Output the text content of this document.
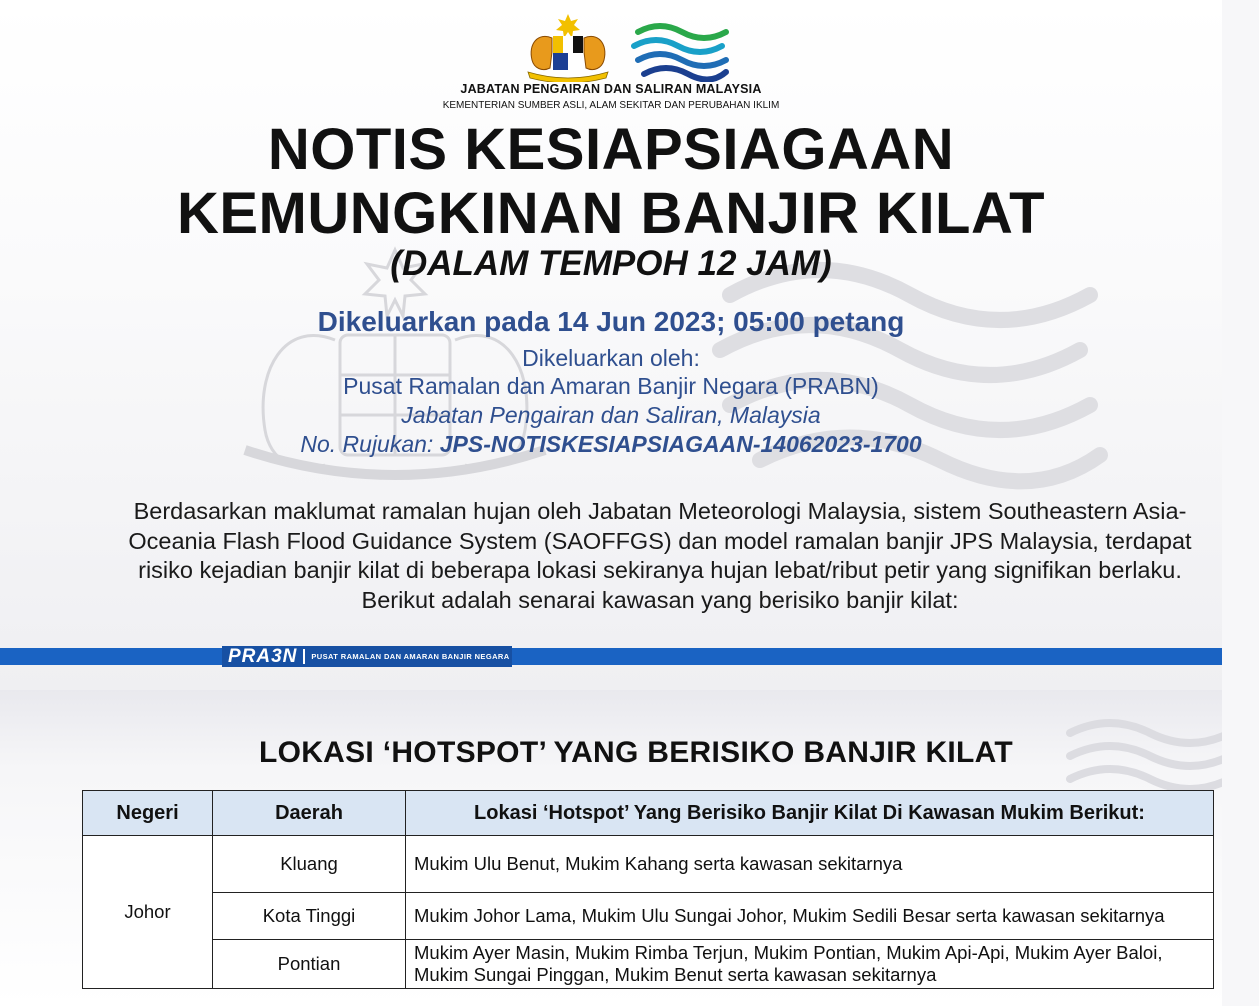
JABATAN PENGAIRAN DAN SALIRAN MALAYSIA
KEMENTERIAN SUMBER ASLI, ALAM SEKITAR DAN PERUBAHAN IKLIM
NOTIS KESIAPSIAGAAN
KEMUNGKINAN BANJIR KILAT
(DALAM TEMPOH 12 JAM)
Dikeluarkan pada 14 Jun 2023; 05:00 petang
Dikeluarkan oleh:
Pusat Ramalan dan Amaran Banjir Negara (PRABN)
Jabatan Pengairan dan Saliran, Malaysia
No. Rujukan: JPS-NOTISKESIAPSIAGAAN-14062023-1700
Berdasarkan maklumat ramalan hujan oleh Jabatan Meteorologi Malaysia, sistem Southeastern Asia-Oceania Flash Flood Guidance System (SAOFFGS) dan model ramalan banjir JPS Malaysia, terdapat risiko kejadian banjir kilat di beberapa lokasi sekiranya hujan lebat/ribut petir yang signifikan berlaku. Berikut adalah senarai kawasan yang berisiko banjir kilat:
PRA3N PUSAT RAMALAN DAN AMARAN BANJIR NEGARA
LOKASI ‘HOTSPOT’ YANG BERISIKO BANJIR KILAT
Negeri	Daerah	Lokasi ‘Hotspot’ Yang Berisiko Banjir Kilat Di Kawasan Mukim Berikut:
Johor	Kluang	Mukim Ulu Benut, Mukim Kahang serta kawasan sekitarnya
	Kota Tinggi	Mukim Johor Lama, Mukim Ulu Sungai Johor, Mukim Sedili Besar serta kawasan sekitarnya
	Pontian	Mukim Ayer Masin, Mukim Rimba Terjun, Mukim Pontian, Mukim Api-Api, Mukim Ayer Baloi, Mukim Sungai Pinggan, Mukim Benut serta kawasan sekitarnya
